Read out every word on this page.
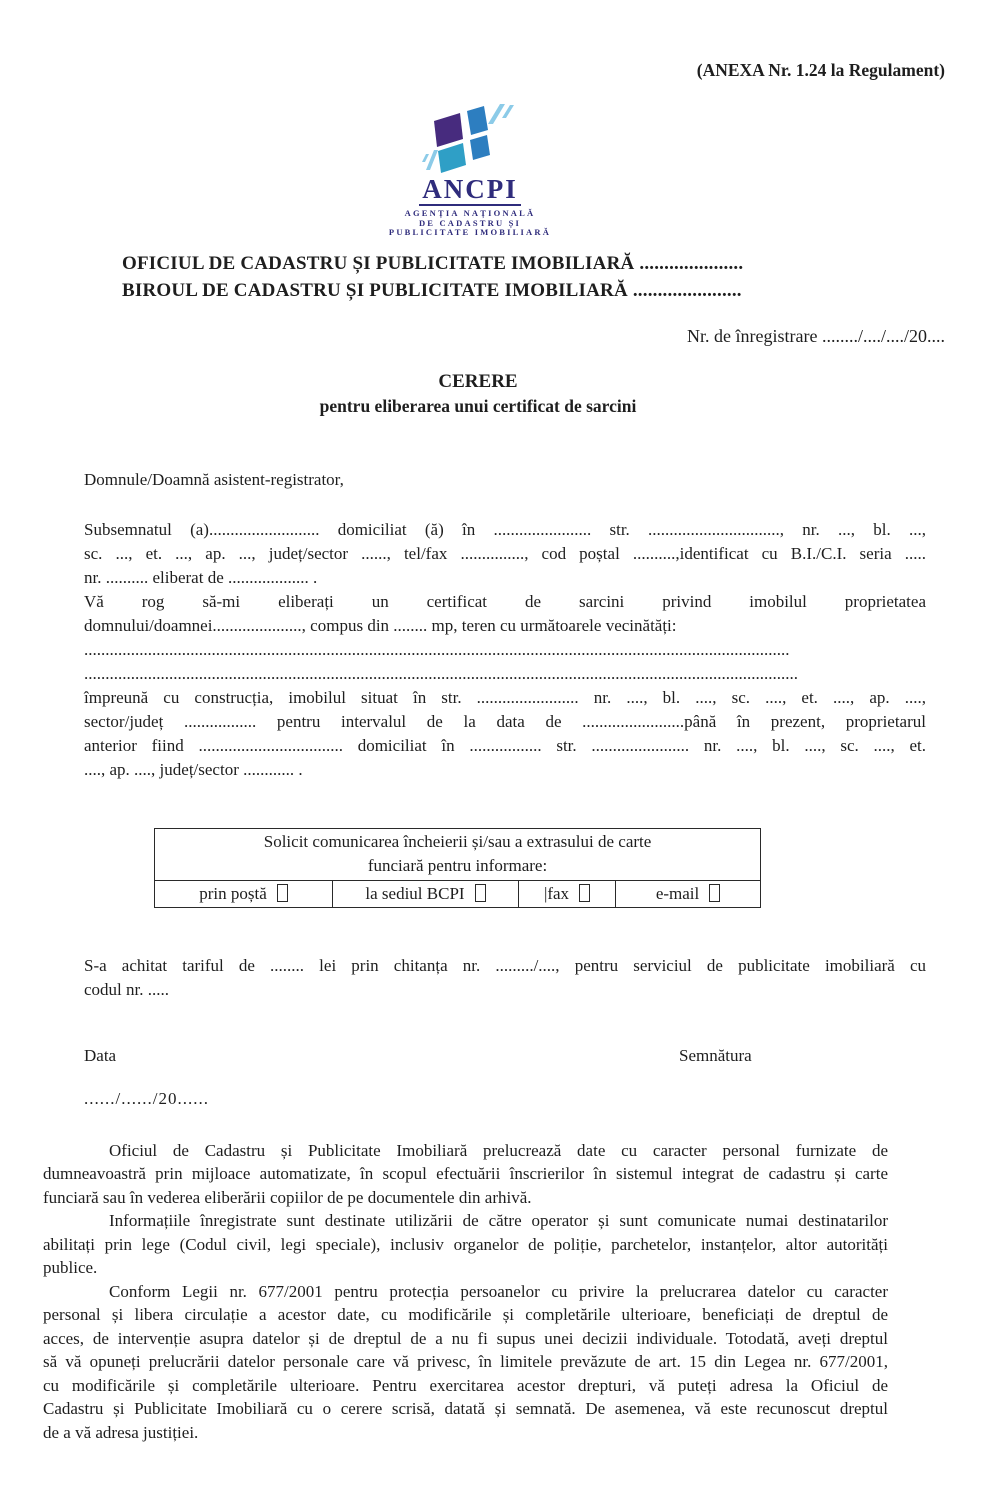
(ANEXA Nr. 1.24 la Regulament)
ANCPI
AGENȚIA NAȚIONALĂ
DE CADASTRU ȘI
PUBLICITATE IMOBILIARĂ
OFICIUL DE CADASTRU ȘI PUBLICITATE IMOBILIARĂ .....................
BIROUL DE CADASTRU ȘI PUBLICITATE IMOBILIARĂ ......................
Nr. de înregistrare ......../..../..../20....
CERERE
pentru eliberarea unui certificat de sarcini
Domnule/Doamnă asistent-registrator,
Subsemnatul (a).......................... domiciliat (ă) în ....................... str. ..............................., nr. ..., bl. ...,
sc. ..., et. ..., ap. ..., județ/sector ......, tel/fax ..............., cod poștal ..........,identificat cu B.I./C.I. seria .....
nr. .......... eliberat de ................... .
Vă rog să-mi eliberați un certificat de sarcini privind imobilul proprietatea
domnului/doamnei....................., compus din ........ mp, teren cu următoarele vecinătăți:
......................................................................................................................................................................
........................................................................................................................................................................
împreună cu construcția, imobilul situat în str. ........................ nr. ...., bl. ...., sc. ...., et. ...., ap. ....,
sector/județ ................. pentru intervalul de la data de ........................până în prezent, proprietarul
anterior fiind .................................. domiciliat în ................. str. ....................... nr. ...., bl. ...., sc. ...., et.
...., ap. ...., județ/sector ............ .
Solicit comunicarea încheierii și/sau a extrasului de carte
funciară pentru informare:

prin poștă	la sediul BCPI	|fax	e-mail
S-a achitat tariful de ........ lei prin chitanța nr. ........./...., pentru serviciul de publicitate imobiliară cu
codul nr. .....
Data	Semnătura
....../....../20......
Oficiul de Cadastru și Publicitate Imobiliară prelucrează date cu caracter personal furnizate de
dumneavoastră prin mijloace automatizate, în scopul efectuării înscrierilor în sistemul integrat de cadastru și carte
funciară sau în vederea eliberării copiilor de pe documentele din arhivă.
Informațiile înregistrate sunt destinate utilizării de către operator și sunt comunicate numai destinatarilor
abilitați prin lege (Codul civil, legi speciale), inclusiv organelor de poliție, parchetelor, instanțelor, altor autorități
publice.
Conform Legii nr. 677/2001 pentru protecția persoanelor cu privire la prelucrarea datelor cu caracter
personal și libera circulație a acestor date, cu modificările și completările ulterioare, beneficiați de dreptul de
acces, de intervenție asupra datelor și de dreptul de a nu fi supus unei decizii individuale. Totodată, aveți dreptul
să vă opuneți prelucrării datelor personale care vă privesc, în limitele prevăzute de art. 15 din Legea nr. 677/2001,
cu modificările și completările ulterioare. Pentru exercitarea acestor drepturi, vă puteți adresa la Oficiul de
Cadastru și Publicitate Imobiliară cu o cerere scrisă, datată și semnată. De asemenea, vă este recunoscut dreptul
de a vă adresa justiției.
